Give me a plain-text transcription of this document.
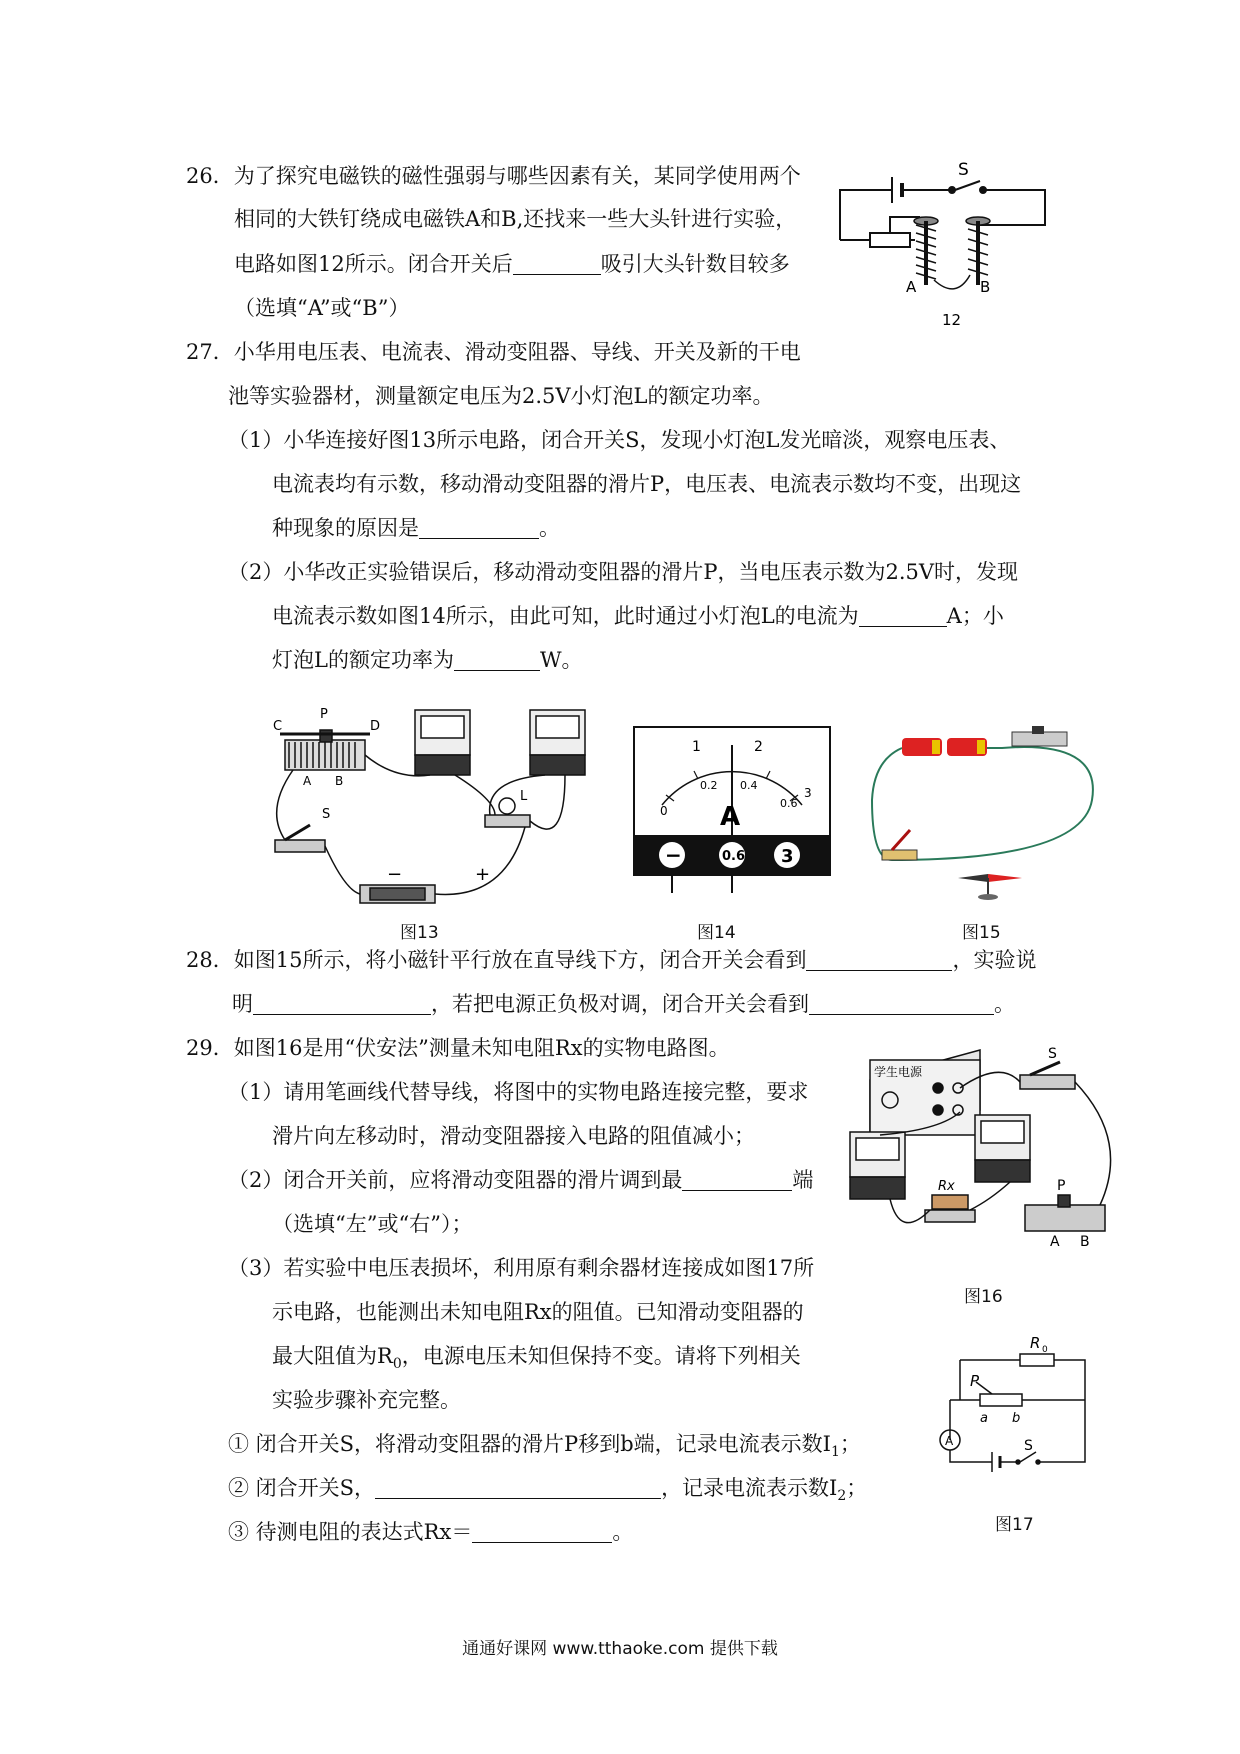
26．为了探究电磁铁的磁性强弱与哪些因素有关，某同学使用两个
相同的大铁钉绕成电磁铁A和B,还找来一些大头针进行实验，
电路如图12所示。闭合开关后	吸引大头针数目较多
（选填“A”或“B”）
S
A	B
12
27．小华用电压表、电流表、滑动变阻器、导线、开关及新的干电
池等实验器材，测量额定电压为2.5V小灯泡L的额定功率。
（1）小华连接好图13所示电路，闭合开关S，发现小灯泡L发光暗淡，观察电压表、
电流表均有示数，移动滑动变阻器的滑片P，电压表、电流表示数均不变，出现这
种现象的原因是	。
（2）小华改正实验错误后，移动滑动变阻器的滑片P，当电压表示数为2.5V时，发现
电流表示数如图14所示，由此可知，此时通过小灯泡L的电流为	A；小
灯泡L的额定功率为	W。
C
P
D
A B
S
L
−	+
图13
1	2
0
0.2 0.4
0.6
3
A
−	0.6 3
图14	图15
28．如图15所示，将小磁针平行放在直导线下方，闭合开关会看到	，实验说
明	，若把电源正负极对调，闭合开关会看到	。
29．如图16是用“伏安法”测量未知电阻Rx的实物电路图。
（1）请用笔画线代替导线，将图中的实物电路连接完整，要求
滑片向左移动时，滑动变阻器接入电路的阻值减小；
（2）闭合开关前，应将滑动变阻器的滑片调到最	端
（选填“左”或“右”）；
（3）若实验中电压表损坏，利用原有剩余器材连接成如图17所
示电路，也能测出未知电阻Rx的阻值。已知滑动变阻器的
最大阻值为$R_0$，电源电压未知但保持不变。请将下列相关
实验步骤补充完整。
① 闭合开关S，将滑动变阻器的滑片P移到b端，记录电流表示数$I_1$；
② 闭合开关S，	，记录电流表示数$I_2$；
③ 待测电阻的表达式Rx＝	。
学生电源
S
Rx	P
A B
图16
R 0
P
a b
A	S
图17
通通好课网 www.tthaoke.com 提供下载
